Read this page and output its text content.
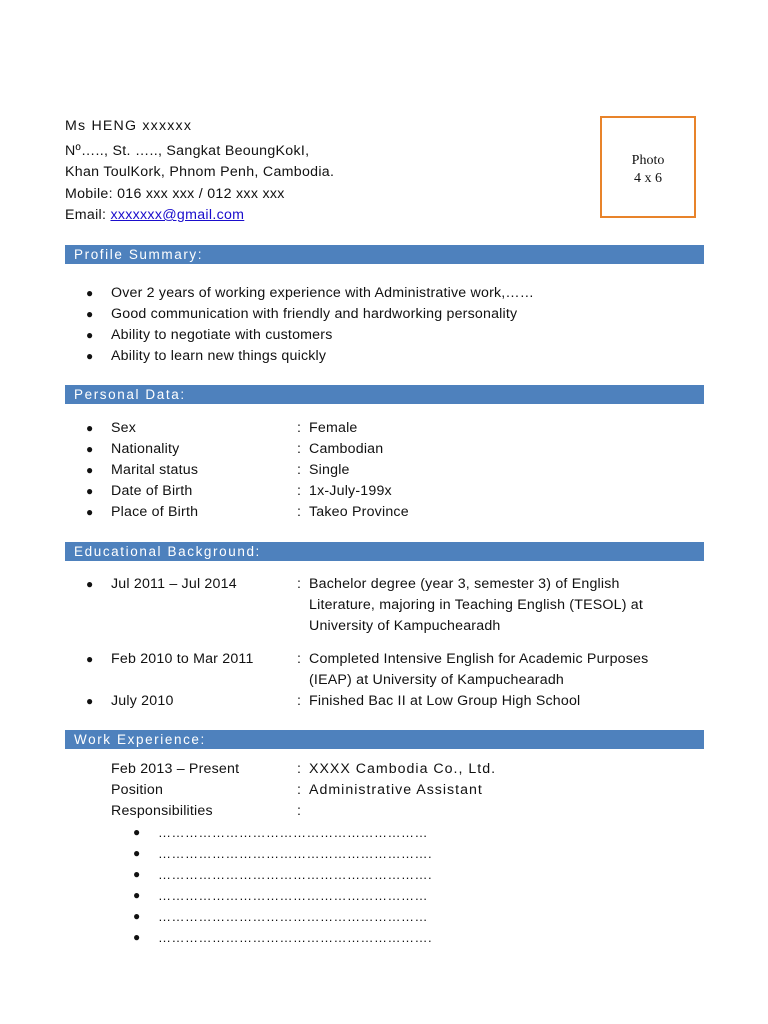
Ms HENG xxxxxx
Nº….., St. ….., Sangkat BeoungKokI,
Khan ToulKork, Phnom Penh, Cambodia.
Mobile: 016 xxx xxx / 012 xxx xxx
Email: xxxxxxx@gmail.com
Photo
4 x 6
Profile Summary:
● Over 2 years of working experience with Administrative work,……
● Good communication with friendly and hardworking personality
● Ability to negotiate with customers
● Ability to learn new things quickly
Personal Data:
● Sex	: Female
● Nationality	: Cambodian
● Marital status	: Single
● Date of Birth	: 1x-July-199x
● Place of Birth	: Takeo Province
Educational Background:
● Jul 2011 – Jul 2014	: Bachelor degree (year 3, semester 3) of English
Literature, majoring in Teaching English (TESOL) at
University of Kampuchearadh
● Feb 2010 to Mar 2011	: Completed Intensive English for Academic Purposes
(IEAP) at University of Kampuchearadh
● July 2010	: Finished Bac II at Low Group High School
Work Experience:
Feb 2013 – Present	: XXXX Cambodia Co., Ltd.
Position	: Administrative Assistant
Responsibilities	:
● ……………………………………………………
● …………………………………………………….
● …………………………………………………….
● ……………………………………………………
● ……………………………………………………
● …………………………………………………….
